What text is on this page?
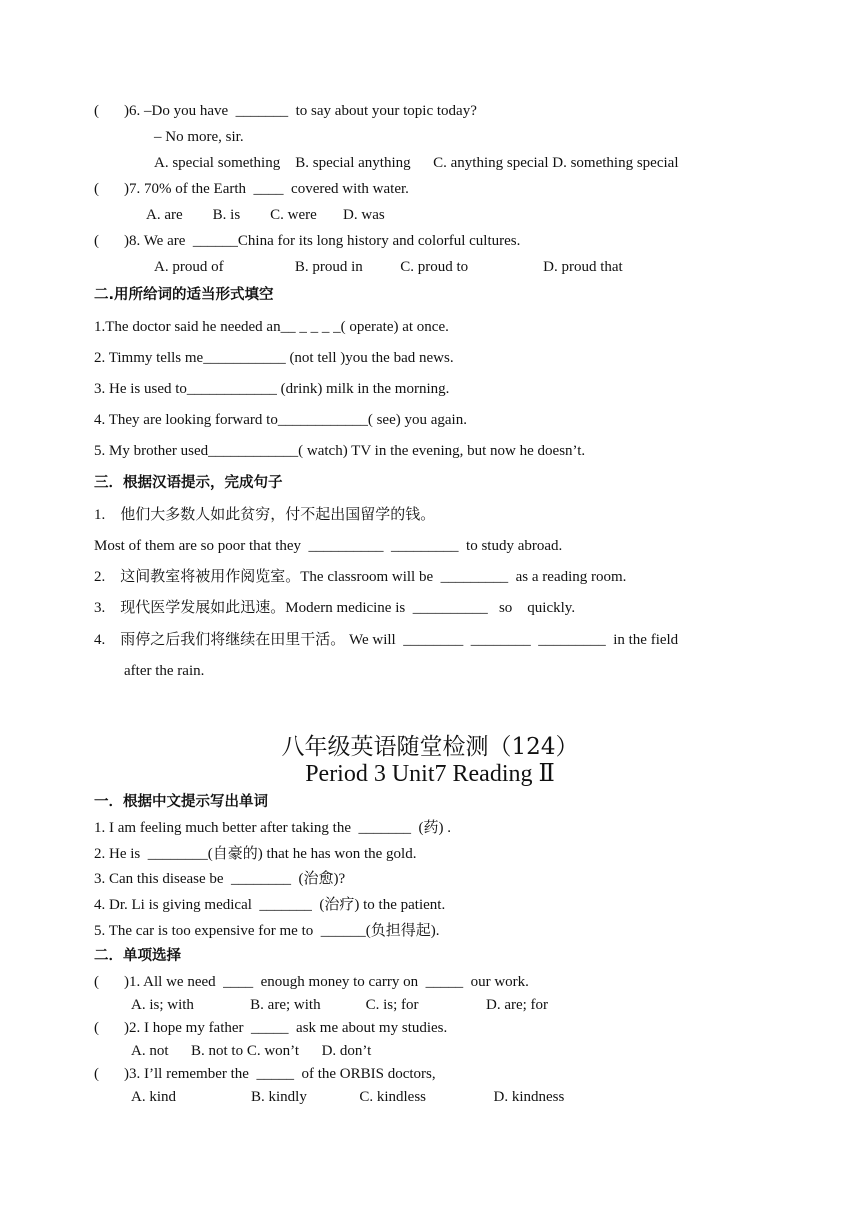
( )6. –Do you have  _______  to say about your topic today?
– No more, sir.
A. special something    B. special anything      C. anything special D. something special
( )7. 70% of the Earth  ____  covered with water.
A. are        B. is        C. were       D. was
( )8. We are  ______China for its long history and colorful cultures.
A. proud of                   B. proud in          C. proud to                    D. proud that
二.用所给词的适当形式填空
1.The doctor said he needed an__ _ _ _ _( operate) at once.
2. Timmy tells me___________ (not tell )you the bad news.
3. He is used to____________ (drink) milk in the morning.
4. They are looking forward to____________( see) you again.
5. My brother used____________( watch) TV in the evening, but now he doesn’t.
三．根据汉语提示，完成句子
1.    他们大多数人如此贫穷，付不起出国留学的钱。
Most of them are so poor that they  __________  _________  to study abroad.
2.    这间教室将被用作阅览室。The classroom will be  _________  as a reading room.
3.    现代医学发展如此迅速。Modern medicine is  __________   so    quickly.
4.    雨停之后我们将继续在田里干活。 We will  ________  ________  _________  in the field
after the rain.
八年级英语随堂检测（124）
Period 3 Unit7 Reading Ⅱ
一．根据中文提示写出单词
1. I am feeling much better after taking the  _______  (药) .
2. He is  ________(自豪的) that he has won the gold.
3. Can this disease be  ________  (治愈)?
4. Dr. Li is giving medical  _______  (治疗) to the patient.
5. The car is too expensive for me to  ______(负担得起).
二．单项选择
( )1. All we need  ____  enough money to carry on  _____  our work.
A. is; with               B. are; with            C. is; for                  D. are; for
( )2. I hope my father  _____  ask me about my studies.
A. not      B. not to C. won’t      D. don’t
( )3. I’ll remember the  _____  of the ORBIS doctors,
A. kind                    B. kindly              C. kindless                  D. kindness
